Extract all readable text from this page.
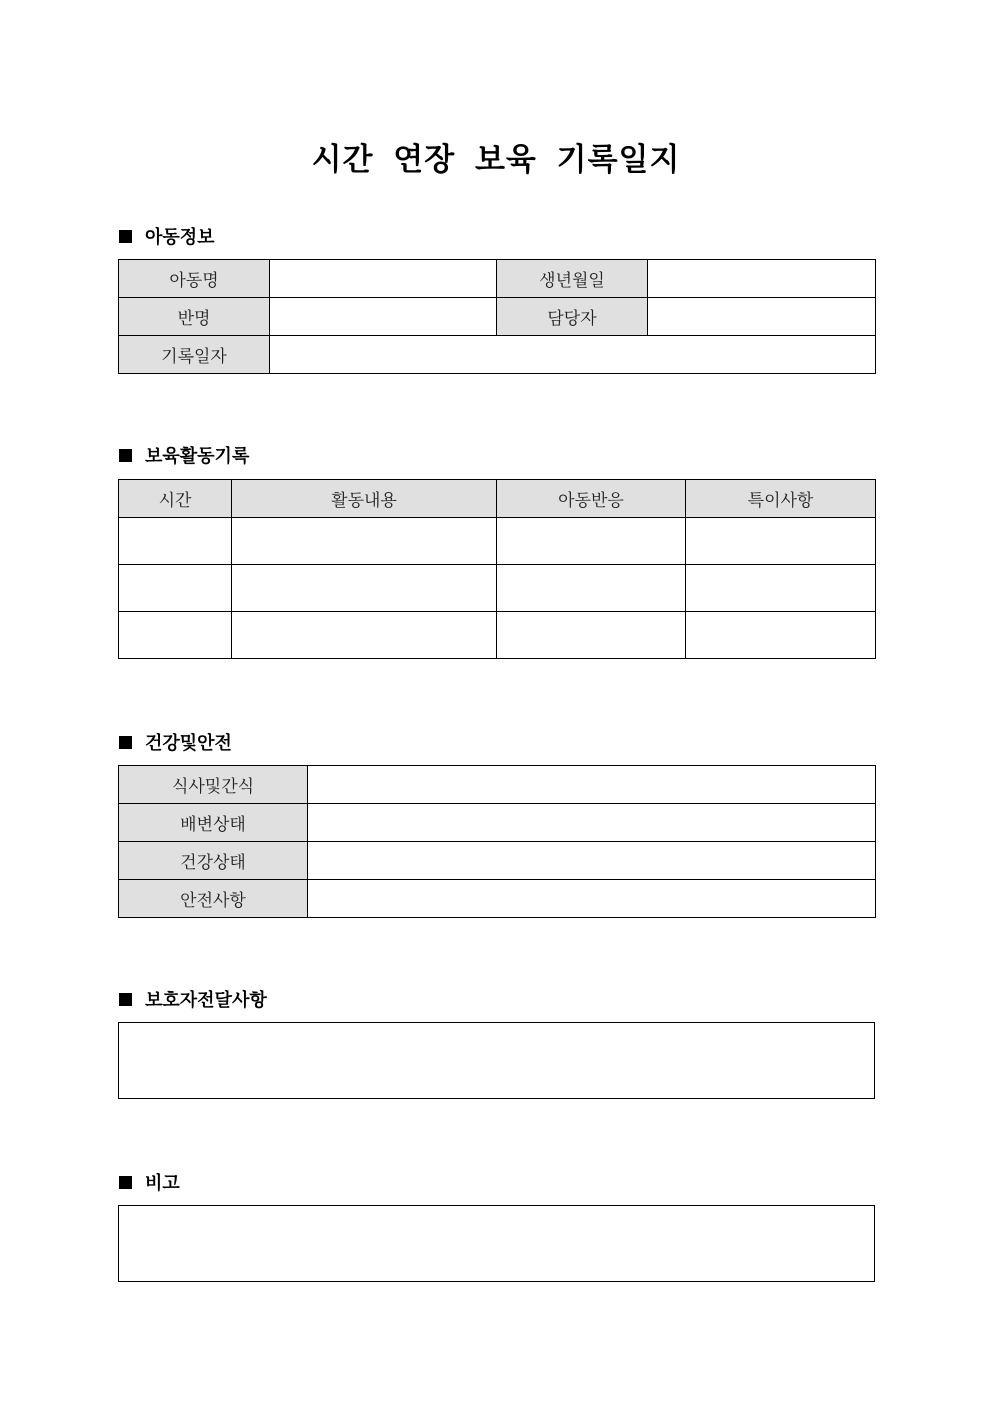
시간 연장 보육 기록일지
아동정보
아동명		생년월일	
반명		담당자	
기록일자			
보육활동기록
시간	활동내용	아동반응	특이사항

건강및안전
식사및간식	
배변상태	
건강상태	
안전사항	
보호자전달사항
비고
